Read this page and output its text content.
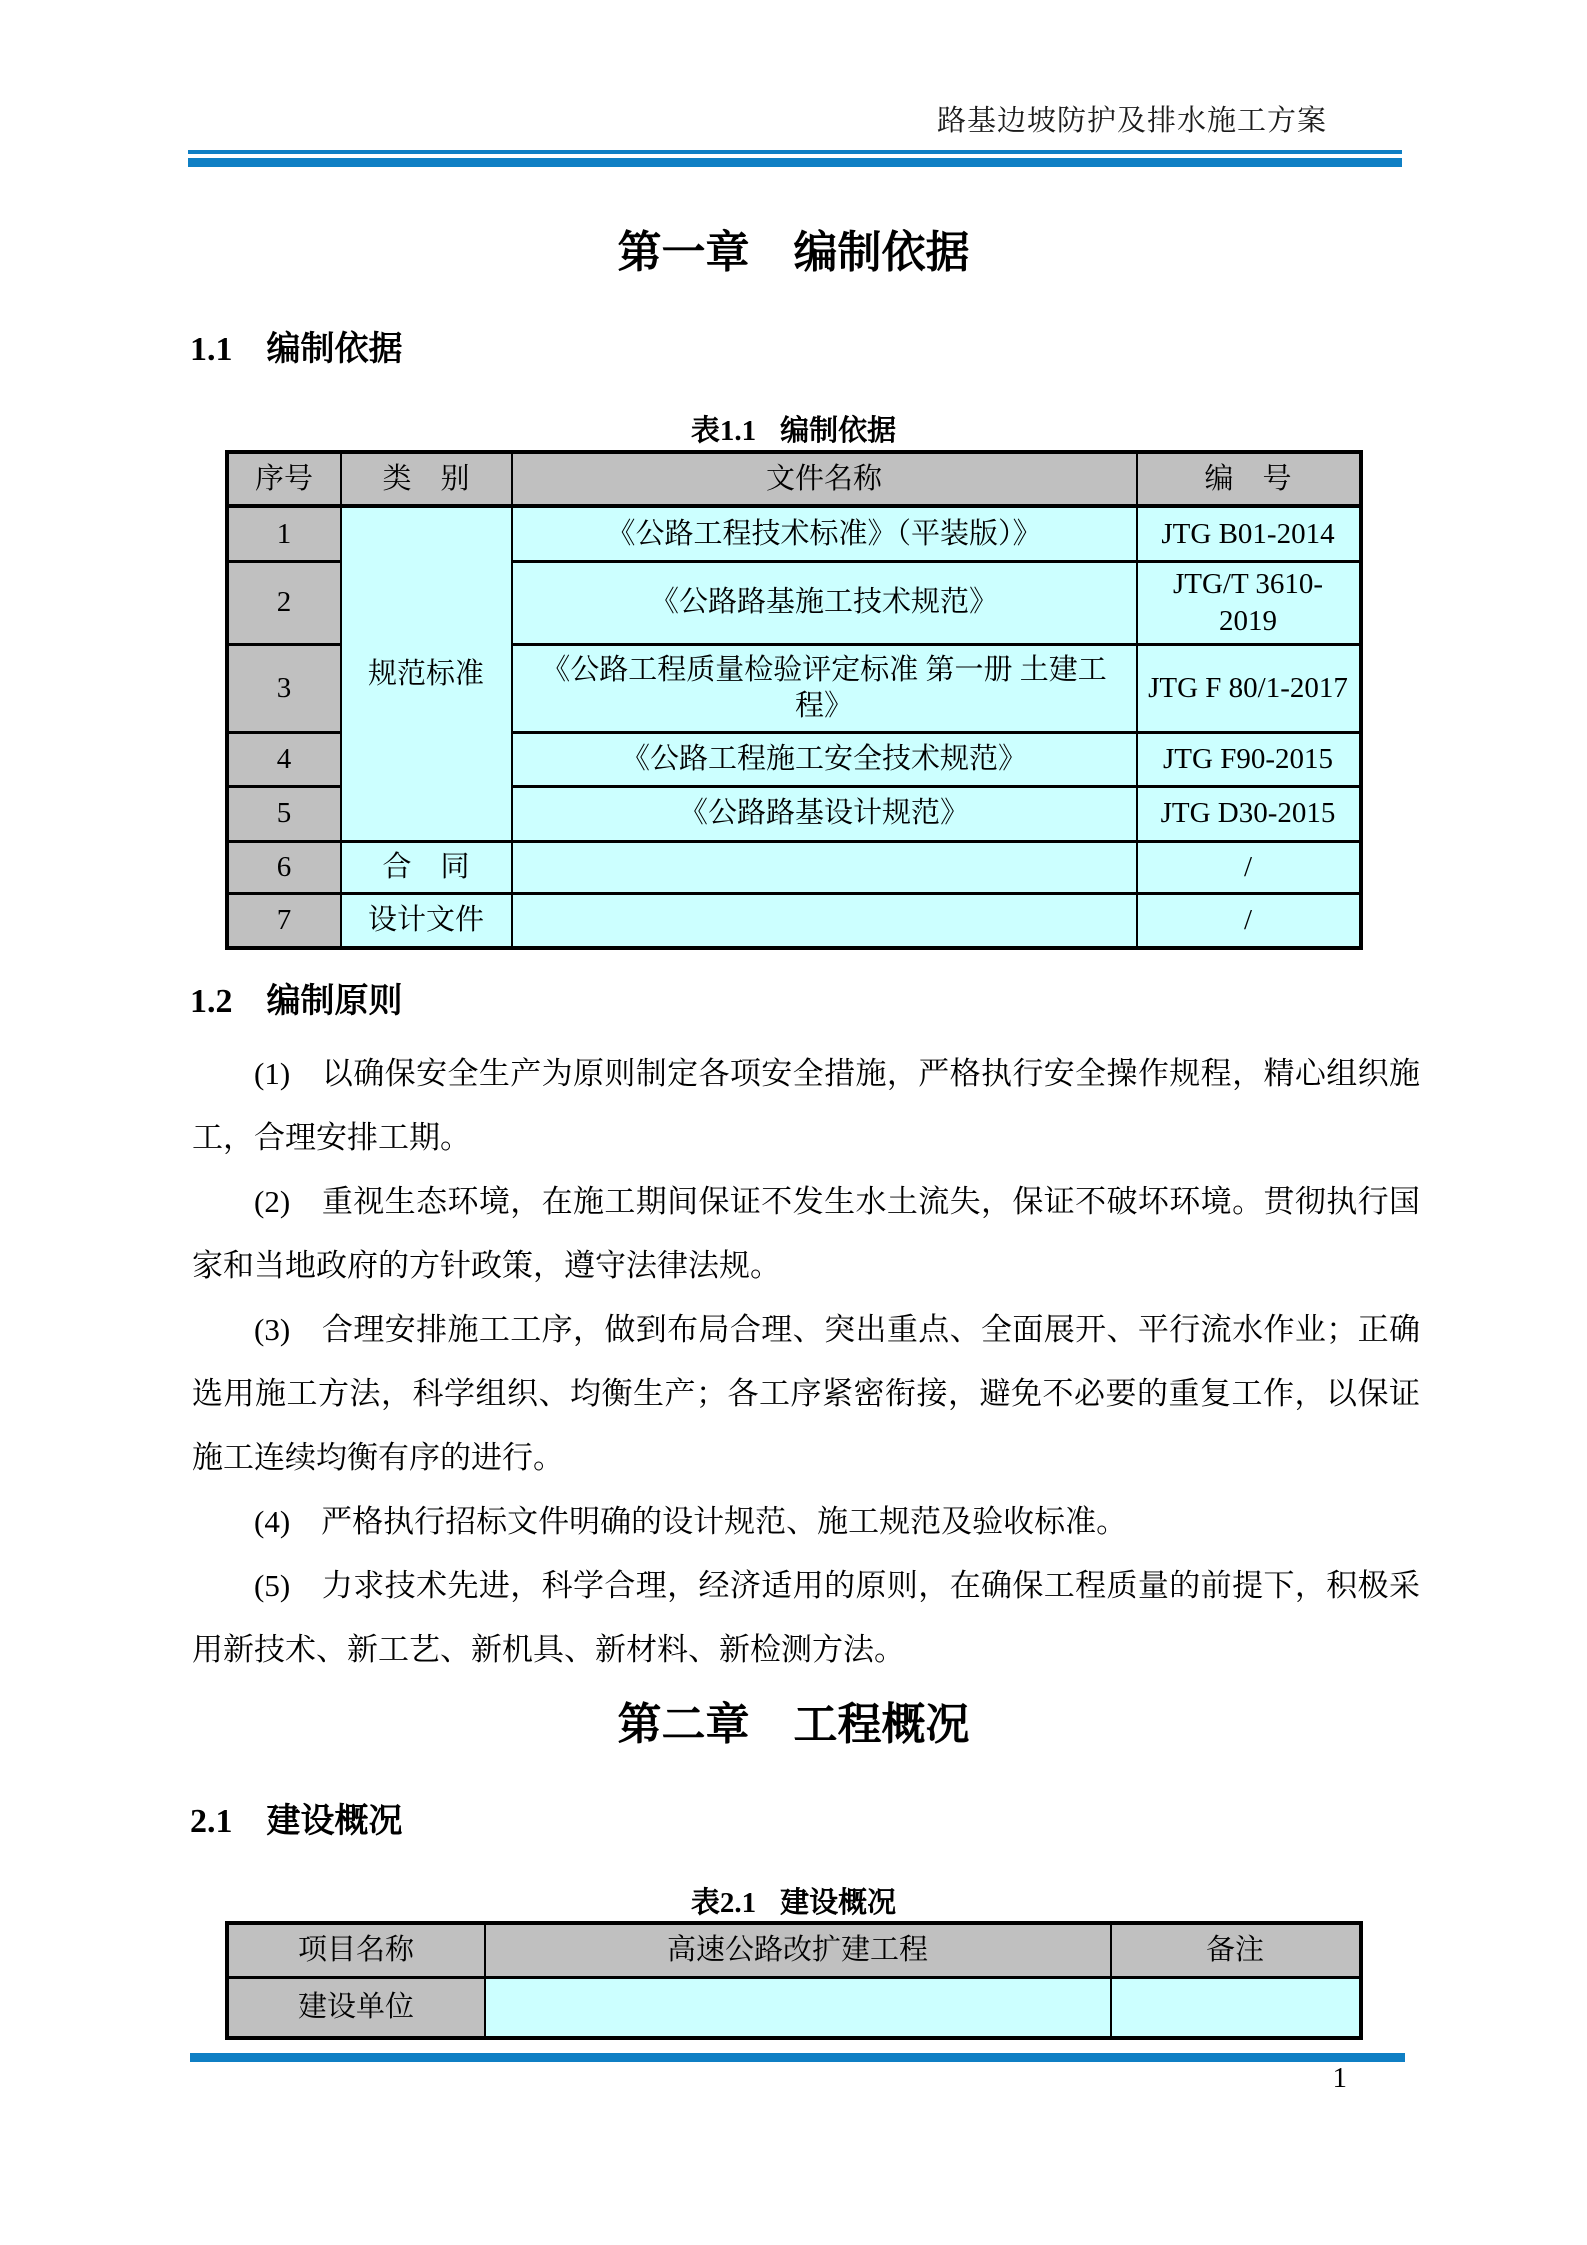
路基边坡防护及排水施工方案
第一章　编制依据
1.1 编制依据
表1.1 编制依据
序号	类　别	文件名称	编　号
1	规范标准	《公路工程技术标准》（平装版）》	JTG B01-2014
2		《公路路基施工技术规范》	JTG/T 3610-2019
3		《公路工程质量检验评定标准 第一册 土建工程》	JTG F 80/1-2017
4		《公路工程施工安全技术规范》	JTG F90-2015
5		《公路路基设计规范》	JTG D30-2015
6	合　同		/
7	设计文件		/
1.2 编制原则

(1)　以确保安全生产为原则制定各项安全措施，严格执行安全操作规程，精心组织施工，合理安排工期。

(2)　重视生态环境，在施工期间保证不发生水土流失，保证不破坏环境。贯彻执行国家和当地政府的方针政策，遵守法律法规。

(3)　合理安排施工工序，做到布局合理、突出重点、全面展开、平行流水作业；正确选用施工方法，科学组织、均衡生产；各工序紧密衔接，避免不必要的重复工作，以保证施工连续均衡有序的进行。

(4)　严格执行招标文件明确的设计规范、施工规范及验收标准。

(5)　力求技术先进，科学合理，经济适用的原则，在确保工程质量的前提下，积极采用新技术、新工艺、新机具、新材料、新检测方法。

第二章　工程概况
2.1 建设概况
表2.1 建设概况
项目名称	高速公路改扩建工程	备注
建设单位		
1
